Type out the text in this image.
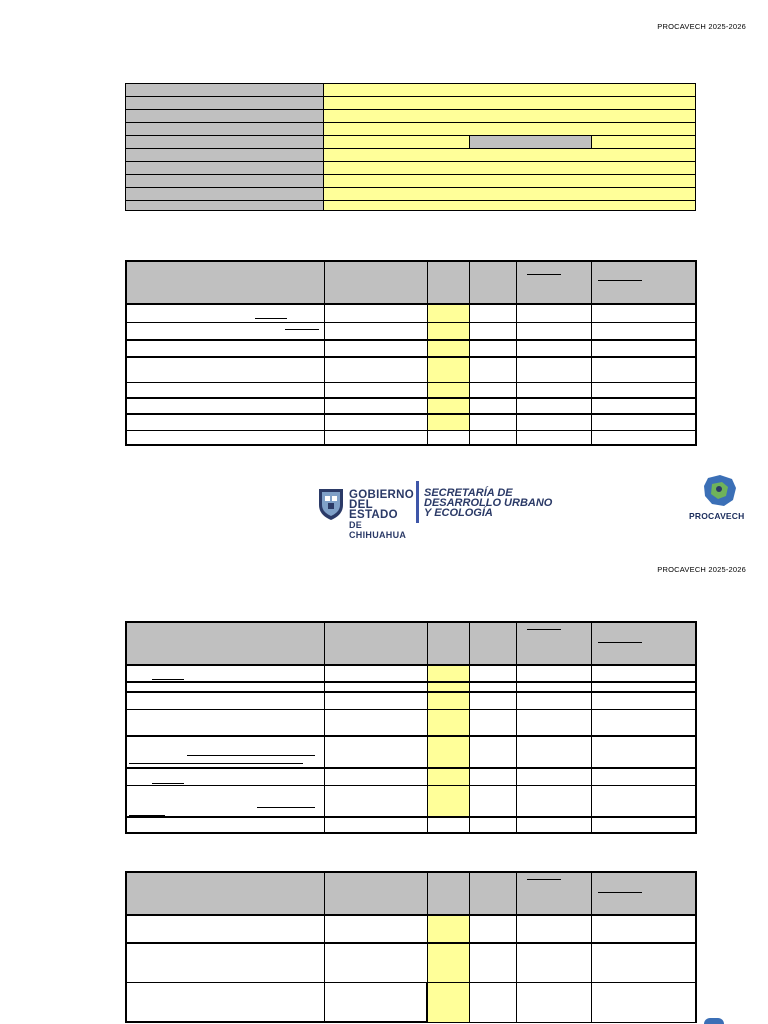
PROCAVECH 2025-2026

GOBIERNO
DEL ESTADO
DE CHIHUAHUA
SECRETARÍA DE
DESARROLLO URBANO
Y ECOLOGÍA	PROCAVECH
PROCAVECH 2025-2026
